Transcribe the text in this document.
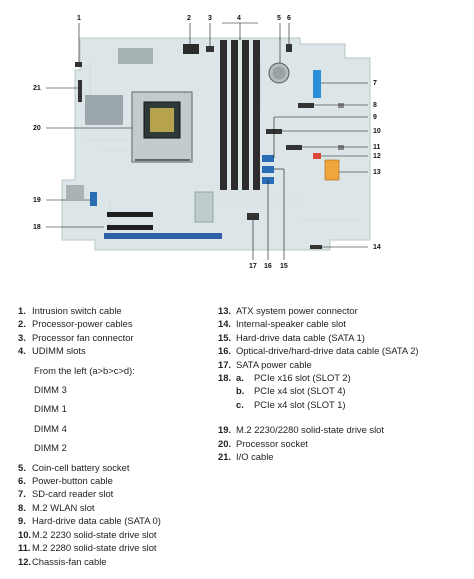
1	2 3	4	5 6
7
8
9
10
11
12
13
14
15
16
17
18
19
20
21
1. Intrusion switch cable
2. Processor-power cables
3. Processor fan connector
4. UDIMM slots
From the left (a>b>c>d):
DIMM 3
DIMM 1
DIMM 4
DIMM 2
5. Coin-cell battery socket
6. Power-button cable
7. SD-card reader slot
8. M.2 WLAN slot
9. Hard-drive data cable (SATA 0)
10. M.2 2230 solid-state drive slot
11. M.2 2280 solid-state drive slot
12. Chassis-fan cable
13. ATX system power connector
14. Internal-speaker cable slot
15. Hard-drive data cable (SATA 1)
16. Optical-drive/hard-drive data cable (SATA 2)
17. SATA power cable
18. a.	PCIe x16 slot (SLOT 2)
b.	PCIe x4 slot (SLOT 4)
c.	PCIe x4 slot (SLOT 1)
19. M.2 2230/2280 solid-state drive slot
20. Processor socket
21. I/O cable
